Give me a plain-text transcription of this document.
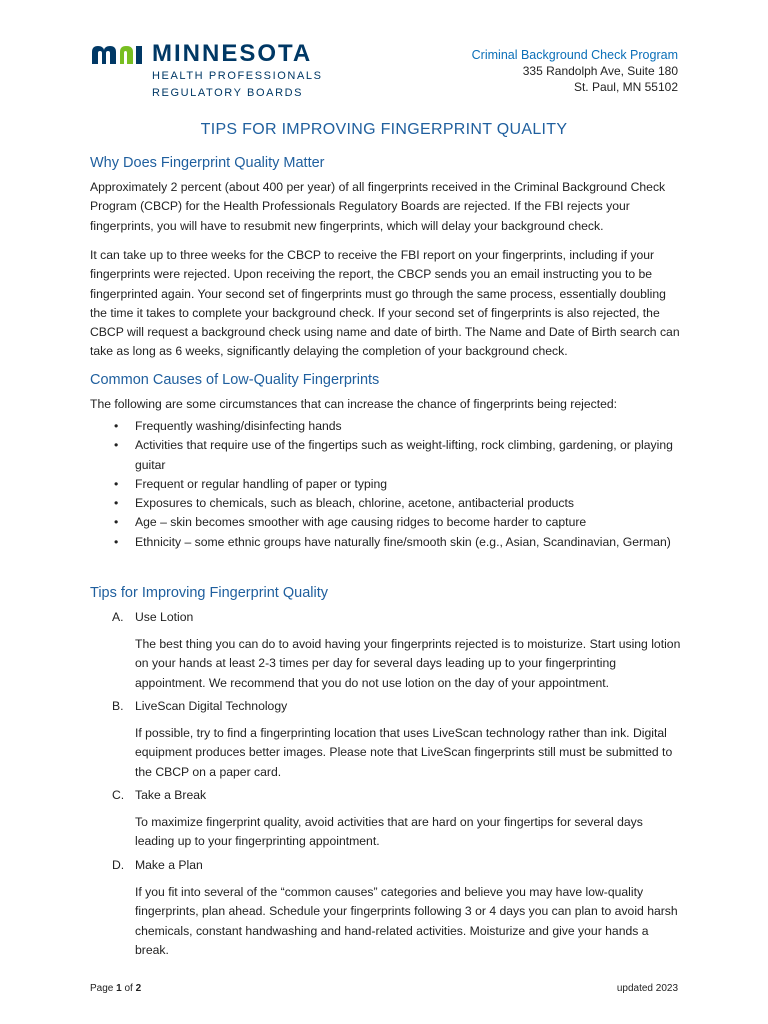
MINNESOTA
HEALTH PROFESSIONALS
REGULATORY BOARDS
Criminal Background Check Program
335 Randolph Ave, Suite 180
St. Paul, MN 55102
TIPS FOR IMPROVING FINGERPRINT QUALITY
Why Does Fingerprint Quality Matter
Approximately 2 percent (about 400 per year) of all fingerprints received in the Criminal Background Check Program (CBCP) for the Health Professionals Regulatory Boards are rejected. If the FBI rejects your fingerprints, you will have to resubmit new fingerprints, which will delay your background check.
It can take up to three weeks for the CBCP to receive the FBI report on your fingerprints, including if your fingerprints were rejected. Upon receiving the report, the CBCP sends you an email instructing you to be fingerprinted again. Your second set of fingerprints must go through the same process, essentially doubling the time it takes to complete your background check. If your second set of fingerprints is also rejected, the CBCP will request a background check using name and date of birth. The Name and Date of Birth search can take as long as 6 weeks, significantly delaying the completion of your background check.
Common Causes of Low-Quality Fingerprints
The following are some circumstances that can increase the chance of fingerprints being rejected:
• Frequently washing/disinfecting hands
• Activities that require use of the fingertips such as weight-lifting, rock climbing, gardening, or playing guitar
• Frequent or regular handling of paper or typing
• Exposures to chemicals, such as bleach, chlorine, acetone, antibacterial products
• Age – skin becomes smoother with age causing ridges to become harder to capture
• Ethnicity – some ethnic groups have naturally fine/smooth skin (e.g., Asian, Scandinavian, German)
Tips for Improving Fingerprint Quality
A. Use Lotion
The best thing you can do to avoid having your fingerprints rejected is to moisturize. Start using lotion on your hands at least 2-3 times per day for several days leading up to your fingerprinting appointment. We recommend that you do not use lotion on the day of your appointment.
B. LiveScan Digital Technology
If possible, try to find a fingerprinting location that uses LiveScan technology rather than ink. Digital equipment produces better images. Please note that LiveScan fingerprints still must be submitted to the CBCP on a paper card.
C. Take a Break
To maximize fingerprint quality, avoid activities that are hard on your fingertips for several days leading up to your fingerprinting appointment.
D. Make a Plan
If you fit into several of the “common causes” categories and believe you may have low-quality fingerprints, plan ahead. Schedule your fingerprints following 3 or 4 days you can plan to avoid harsh chemicals, constant handwashing and hand-related activities. Moisturize and give your hands a break.
Page 1 of 2	updated 2023
